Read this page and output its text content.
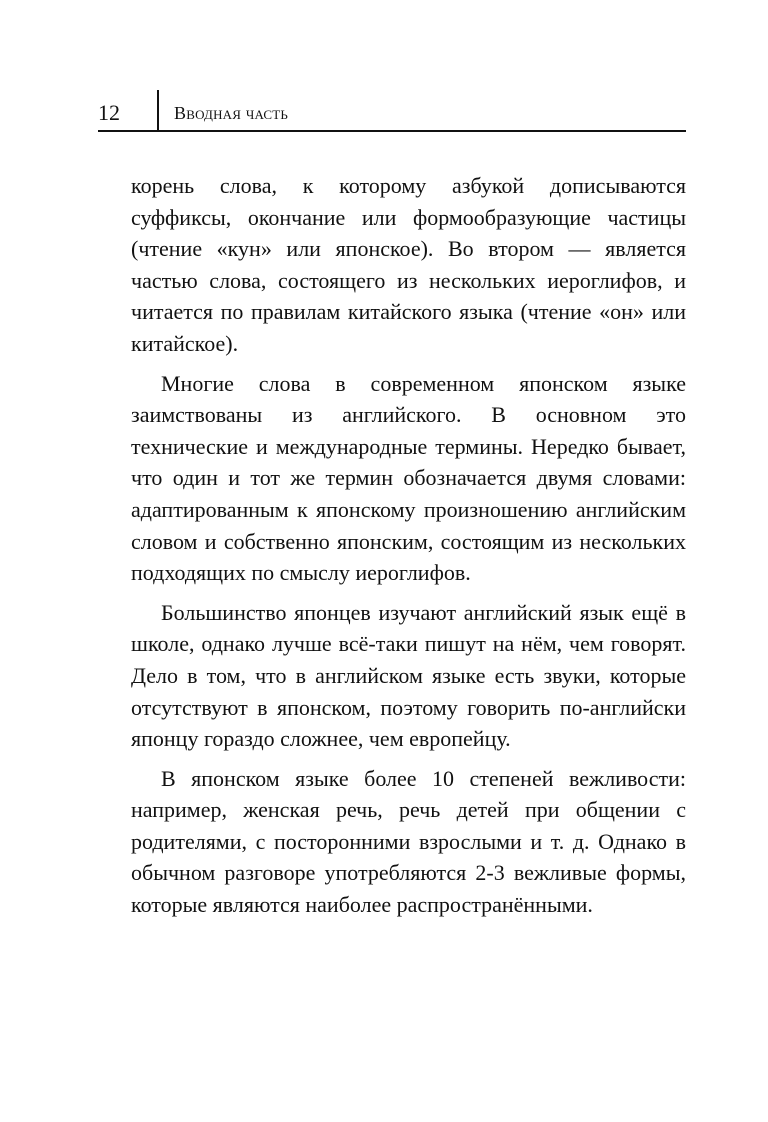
12	Вводная часть

корень слова, к которому азбукой дописываются суффиксы, окончание или формообразующие частицы (чтение «кун» или японское). Во втором — является частью слова, состоящего из нескольких иероглифов, и читается по правилам китайского языка (чтение «он» или китайское).

Многие слова в современном японском языке заимствованы из английского. В основном это технические и международные термины. Нередко бывает, что один и тот же термин обозначается двумя словами: адаптированным к японскому произношению английским словом и собственно японским, состоящим из нескольких подходящих по смыслу иероглифов.

Большинство японцев изучают английский язык ещё в школе, однако лучше всё-таки пишут на нём, чем говорят. Дело в том, что в английском языке есть звуки, которые отсутствуют в японском, поэтому говорить по-английски японцу гораздо сложнее, чем европейцу.

В японском языке более 10 степеней вежливости: например, женская речь, речь детей при общении с родителями, с посторонними взрослыми и т. д. Однако в обычном разговоре употребляются 2-3 вежливые формы, которые являются наиболее распространёнными.
